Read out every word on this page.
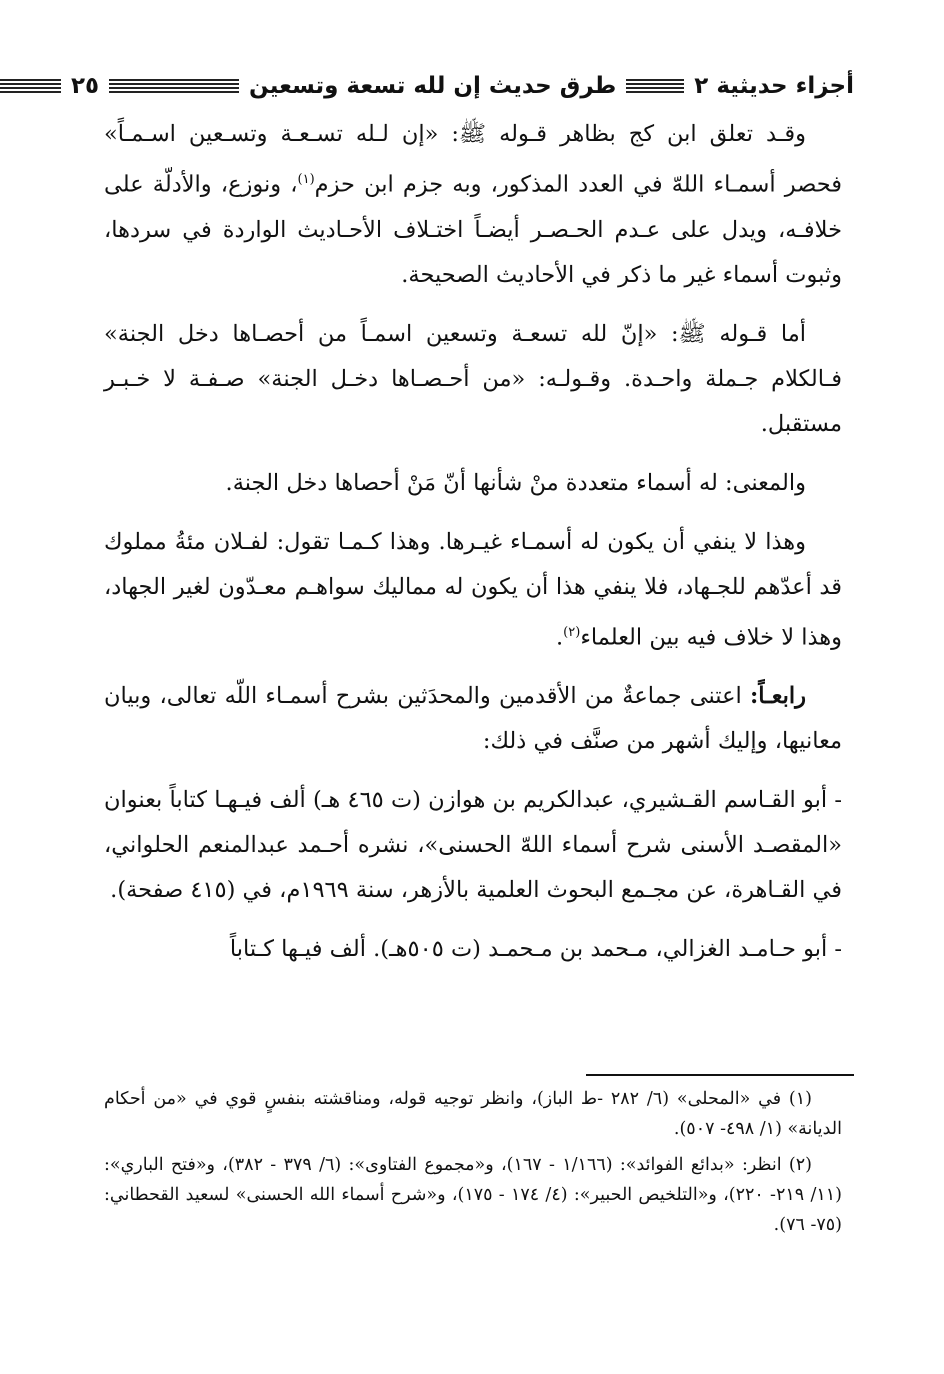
أجزاء حديثية ٢
طرق حديث إن لله تسعة وتسعين
٢٥

وقـد تعلق ابن كج بظاهر قـوله ﷺ: «إن لـله تسـعـة وتسـعين اسـمـاً» فحصر أسمـاء اللهّ في العدد المذكور، وبه جزم ابن حزم$^{(١)}$، ونوزع، والأدلّة على خلافـه، ويدل على عـدم الحـصـر أيضـاً اختـلاف الأحـاديث الواردة في سردها، وثبوت أسماء غير ما ذكر في الأحاديث الصحيحة.

أما قـوله ﷺ: «إنّ لله تسعـة وتسعين اسمـاً من أحصـاها دخل الجنة» فـالكلام جـملة واحـدة. وقـولـه: «من أحـصـاها دخـل الجنة» صـفـة لا خـبـر مستقبل.

والمعنى: له أسماء متعددة منْ شأنها أنّ مَنْ أحصاها دخل الجنة.

وهذا لا ينفي أن يكون له أسمـاء غيـرها. وهذا كـمـا تقول: لفـلان مئةُ مملوك قد أعدّهم للجـهاد، فلا ينفي هذا أن يكون له مماليك سواهـم معـدّون لغير الجهاد، وهذا لا خلاف فيه بين العلماء$^{(٢)}$.

رابعـاً: اعتنى جماعةٌ من الأقدمين والمحدَثين بشرح أسمـاء اللّه تعالى، وبيان معانيها، وإليك أشهر من صنَّف في ذلك:

- أبو القـاسم القـشيري، عبدالكريم بن هوازن (ت ٤٦٥ هـ) ألف فيـهـا كتاباً بعنوان «المقصـد الأسنى شرح أسماء اللهّ الحسنى»، نشره أحـمد عبدالمنعم الحلواني، في القـاهرة، عن مجـمع البحوث العلمية بالأزهر، سنة ١٩٦٩م، في (٤١٥ صفحة).

- أبو حـامـد الغزالي، مـحمد بن مـحمـد (ت ٥٠٥هـ). ألف فيـها كـتاباً

(١) في «المحلى» (٦/ ٢٨٢ -ط الباز)، وانظر توجيه قوله، ومناقشته بنفسٍ قوي في «من أحكام الديانة» (١/ ٤٩٨- ٥٠٧).

(٢) انظر: «بدائع الفوائد»: (١/١٦٦ - ١٦٧)، و«مجموع الفتاوى»: (٦/ ٣٧٩ - ٣٨٢)، و«فتح الباري»: (١١/ ٢١٩- ٢٢٠)، و«التلخيص الحبير»: (٤/ ١٧٤ - ١٧٥)، و«شرح أسماء الله الحسنى» لسعيد القحطاني: (٧٥- ٧٦).
